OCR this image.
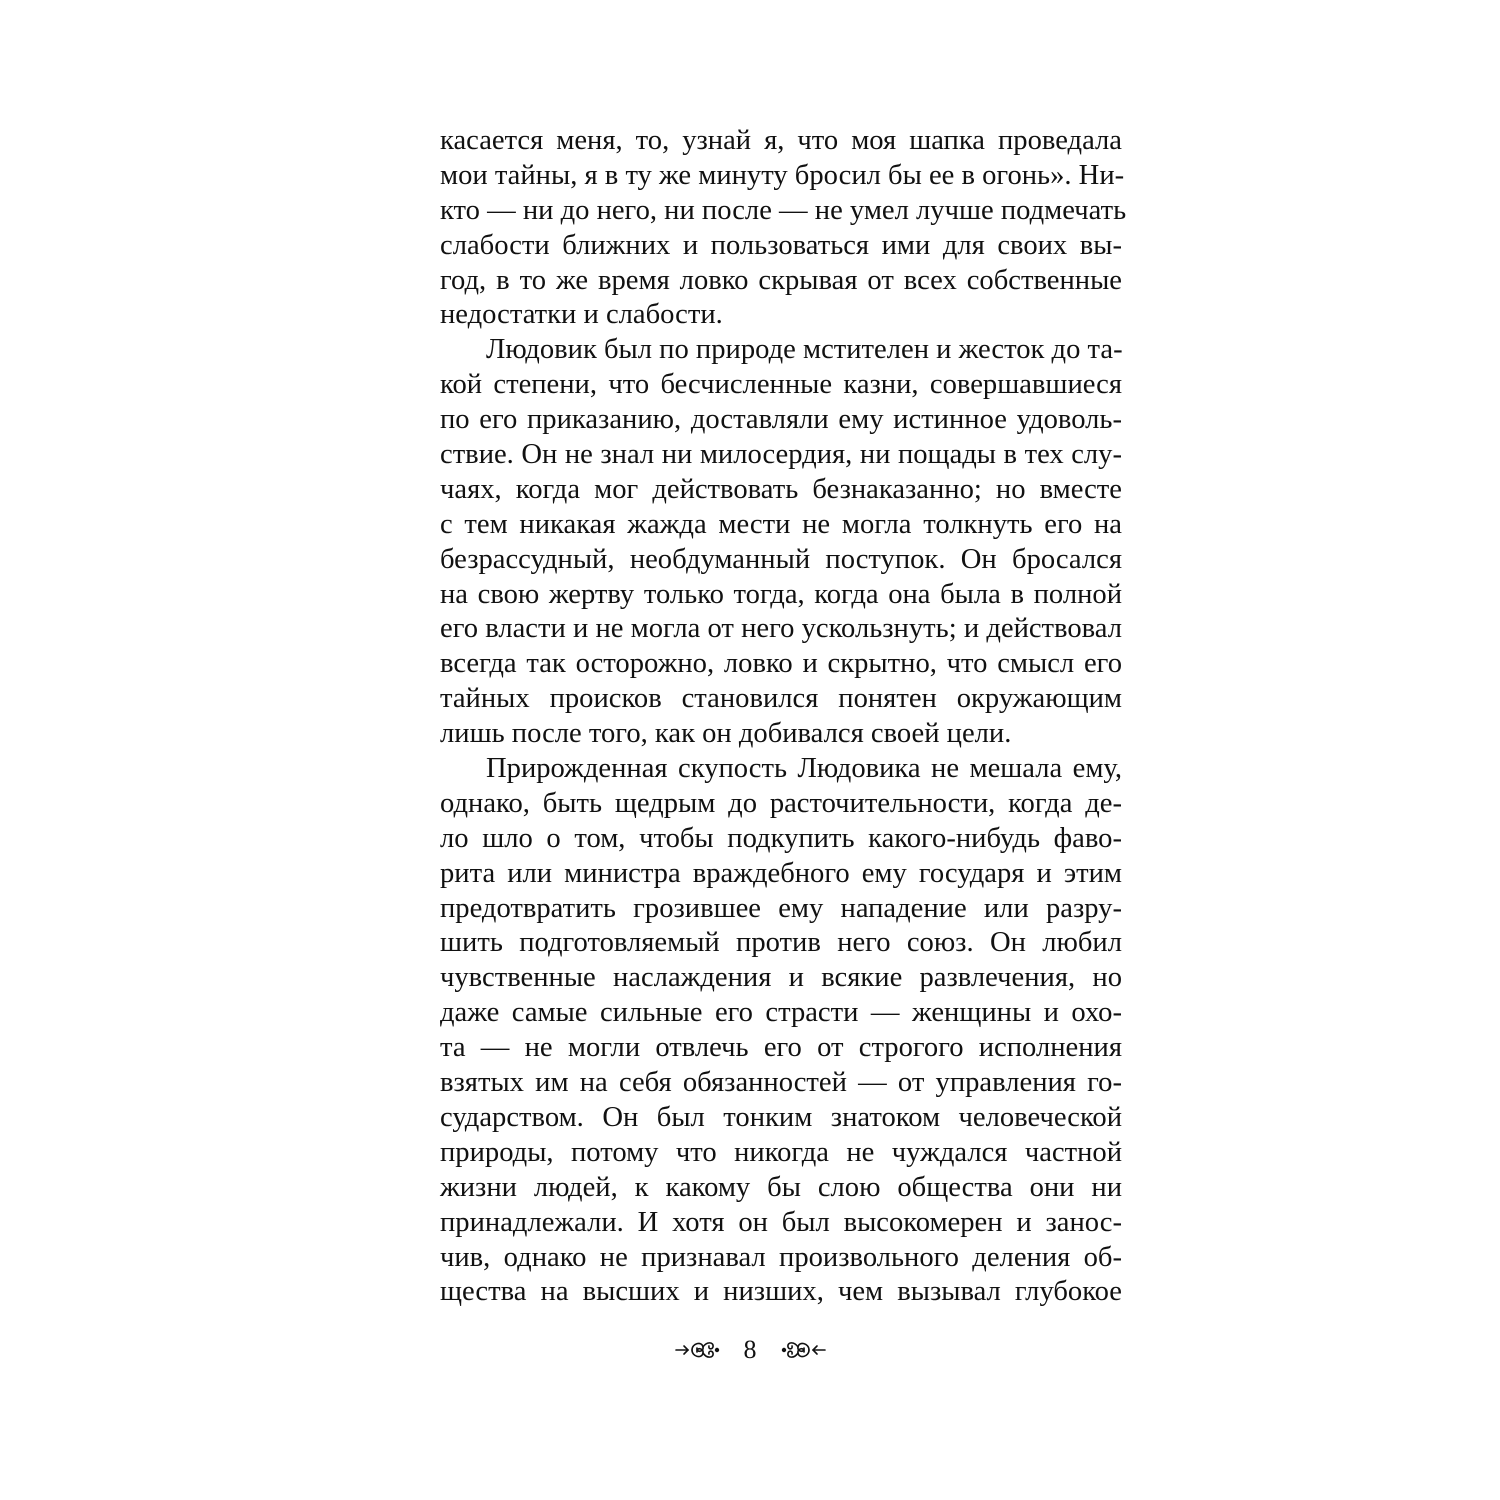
касается меня, то, узнай я, что моя шапка проведала
мои тайны, я в ту же минуту бросил бы ее в огонь». Ни-
кто — ни до него, ни после — не умел лучше подмечать
слабости ближних и пользоваться ими для своих вы-
год, в то же время ловко скрывая от всех собственные
недостатки и слабости.
Людовик был по природе мстителен и жесток до та-
кой степени, что бесчисленные казни, совершавшиеся
по его приказанию, доставляли ему истинное удоволь-
ствие. Он не знал ни милосердия, ни пощады в тех слу-
чаях, когда мог действовать безнаказанно; но вместе
с тем никакая жажда мести не могла толкнуть его на
безрассудный, необдуманный поступок. Он бросался
на свою жертву только тогда, когда она была в полной
его власти и не могла от него ускользнуть; и действовал
всегда так осторожно, ловко и скрытно, что смысл его
тайных происков становился понятен окружающим
лишь после того, как он добивался своей цели.
Прирожденная скупость Людовика не мешала ему,
однако, быть щедрым до расточительности, когда де-
ло шло о том, чтобы подкупить какого-нибудь фаво-
рита или министра враждебного ему государя и этим
предотвратить грозившее ему нападение или разру-
шить подготовляемый против него союз. Он любил
чувственные наслаждения и всякие развлечения, но
даже самые сильные его страсти — женщины и охо-
та — не могли отвлечь его от строгого исполнения
взятых им на себя обязанностей — от управления го-
сударством. Он был тонким знатоком человеческой
природы, потому что никогда не чуждался частной
жизни людей, к какому бы слою общества они ни
принадлежали. И хотя он был высокомерен и занос-
чив, однако не признавал произвольного деления об-
щества на высших и низших, чем вызывал глубокое
8
